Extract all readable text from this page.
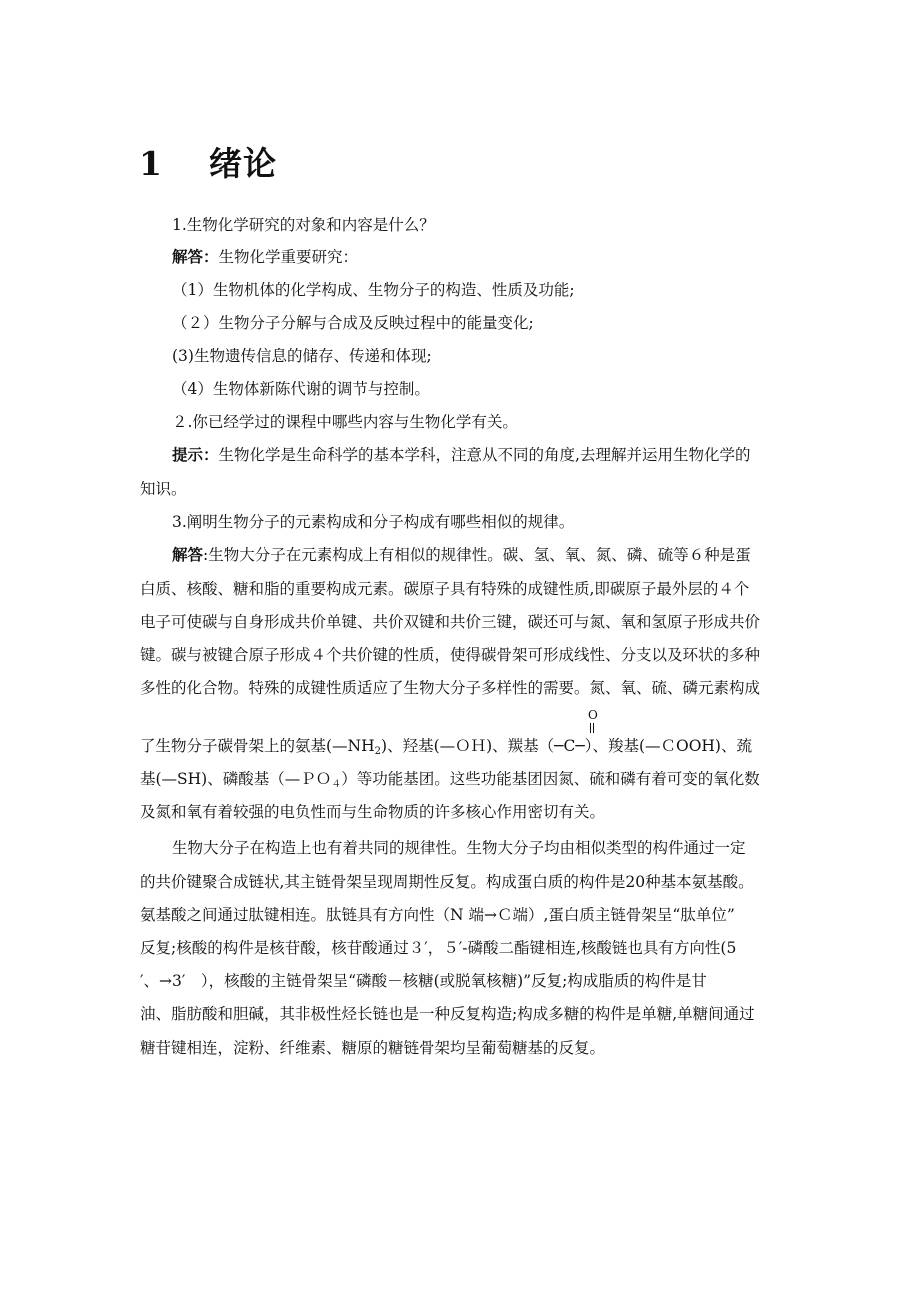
1 绪论
1.生物化学研究的对象和内容是什么？
解答：生物化学重要研究：
（1）生物机体的化学构成、生物分子的构造、性质及功能;
（２）生物分子分解与合成及反映过程中的能量变化;
(3)生物遗传信息的储存、传递和体现;
（4）生物体新陈代谢的调节与控制。
２.你已经学过的课程中哪些内容与生物化学有关。
提示：生物化学是生命科学的基本学科，注意从不同的角度,去理解并运用生物化学的
知识。
3.阐明生物分子的元素构成和分子构成有哪些相似的规律。
解答:生物大分子在元素构成上有相似的规律性。碳、氢、氧、氮、磷、硫等６种是蛋
白质、核酸、糖和脂的重要构成元素。碳原子具有特殊的成键性质,即碳原子最外层的４个
电子可使碳与自身形成共价单键、共价双键和共价三键，碳还可与氮、氧和氢原子形成共价
键。碳与被键合原子形成４个共价键的性质，使得碳骨架可形成线性、分支以及环状的多种
多性的化合物。特殊的成键性质适应了生物大分子多样性的需要。氮、氧、硫、磷元素构成
O
了生物分子碳骨架上的氨基$(—NH_2)$、羟基(—ＯＨ)、羰基（─C─）、羧基(—ＣOOH)、巯
基(—SH)、磷酸基（—ＰＯ$_4$）等功能基团。这些功能基团因氮、硫和磷有着可变的氧化数
及氮和氧有着较强的电负性而与生命物质的许多核心作用密切有关。
生物大分子在构造上也有着共同的规律性。生物大分子均由相似类型的构件通过一定
的共价键聚合成链状,其主链骨架呈现周期性反复。构成蛋白质的构件是20种基本氨基酸。
氨基酸之间通过肽键相连。肽链具有方向性（N 端→Ｃ端）,蛋白质主链骨架呈“肽单位”
反复;核酸的构件是核苷酸，核苷酸通过３′，５′-磷酸二酯键相连,核酸链也具有方向性(5
′、→3′　），核酸的主链骨架呈“磷酸－核糖(或脱氧核糖)”反复;构成脂质的构件是甘
油、脂肪酸和胆碱，其非极性烃长链也是一种反复构造;构成多糖的构件是单糖,单糖间通过
糖苷键相连，淀粉、纤维素、糖原的糖链骨架均呈葡萄糖基的反复。
